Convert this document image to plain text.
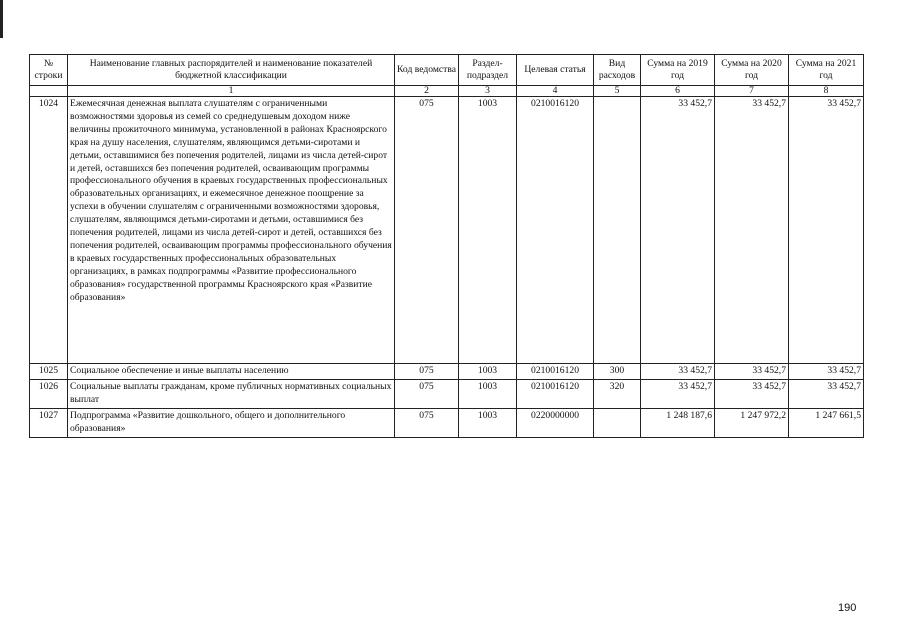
№ строки	Наименование главных распорядителей и наименование показателей бюджетной классификации	Код ведомства	Раздел-подраздел	Целевая статья	Вид расходов	Сумма на 2019 год	Сумма на 2020 год	Сумма на 2021 год
	1	2	3	4	5	6	7	8
1024	Ежемесячная денежная выплата слушателям с ограниченными возможностями здоровья из семей со среднедушевым доходом ниже величины прожиточного минимума, установленной в районах Красноярского края на душу населения, слушателям, являющимся детьми-сиротами и детьми, оставшимися без попечения родителей, лицами из числа детей-сирот и детей, оставшихся без попечения родителей, осваивающим программы профессионального обучения в краевых государственных профессиональных образовательных организациях, и ежемесячное денежное поощрение за успехи в обучении слушателям с ограниченными возможностями здоровья, слушателям, являющимся детьми-сиротами и детьми, оставшимися без попечения родителей, лицами из числа детей-сирот и детей, оставшихся без попечения родителей, осваивающим программы профессионального обучения в краевых государственных профессиональных образовательных организациях, в рамках подпрограммы «Развитие профессионального образования» государственной программы Красноярского края «Развитие образования»	075	1003	0210016120		33 452,7	33 452,7	33 452,7
1025	Социальное обеспечение и иные выплаты населению	075	1003	0210016120	300	33 452,7	33 452,7	33 452,7
1026	Социальные выплаты гражданам, кроме публичных нормативных социальных выплат	075	1003	0210016120	320	33 452,7	33 452,7	33 452,7
1027	Подпрограмма «Развитие дошкольного, общего и дополнительного образования»	075	1003	0220000000		1 248 187,6	1 247 972,2	1 247 661,5
190
